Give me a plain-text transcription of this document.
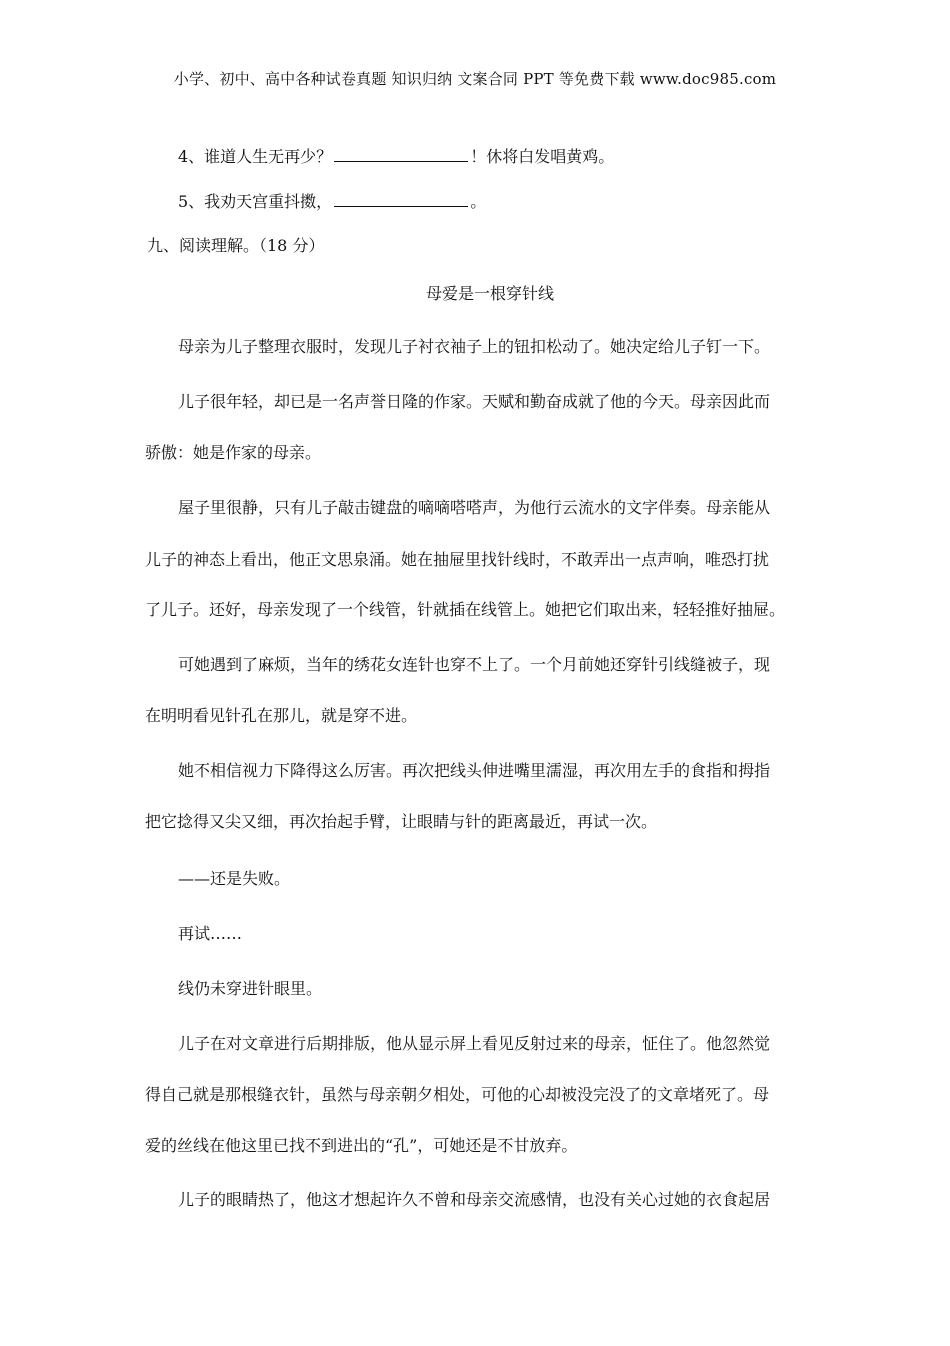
小学、初中、高中各种试卷真题 知识归纳 文案合同 PPT 等免费下载 www.doc985.com
4、谁道人生无再少？	！休将白发唱黄鸡。
5、我劝天宫重抖擞，	。
九、阅读理解。（18 分）
母爱是一根穿针线
母亲为儿子整理衣服时，发现儿子衬衣袖子上的钮扣松动了。她决定给儿子钉一下。
儿子很年轻，却已是一名声誉日隆的作家。天赋和勤奋成就了他的今天。母亲因此而
骄傲：她是作家的母亲。
屋子里很静，只有儿子敲击键盘的嘀嘀嗒嗒声，为他行云流水的文字伴奏。母亲能从
儿子的神态上看出，他正文思泉涌。她在抽屉里找针线时，不敢弄出一点声响，唯恐打扰
了儿子。还好，母亲发现了一个线管，针就插在线管上。她把它们取出来，轻轻推好抽屉。
可她遇到了麻烦，当年的绣花女连针也穿不上了。一个月前她还穿针引线缝被子，现
在明明看见针孔在那儿，就是穿不进。
她不相信视力下降得这么厉害。再次把线头伸进嘴里濡湿，再次用左手的食指和拇指
把它捻得又尖又细，再次抬起手臂，让眼睛与针的距离最近，再试一次。
——还是失败。
再试……
线仍未穿进针眼里。
儿子在对文章进行后期排版，他从显示屏上看见反射过来的母亲，怔住了。他忽然觉
得自己就是那根缝衣针，虽然与母亲朝夕相处，可他的心却被没完没了的文章堵死了。母
爱的丝线在他这里已找不到进出的“孔”，可她还是不甘放弃。
儿子的眼睛热了，他这才想起许久不曾和母亲交流感情，也没有关心过她的衣食起居
